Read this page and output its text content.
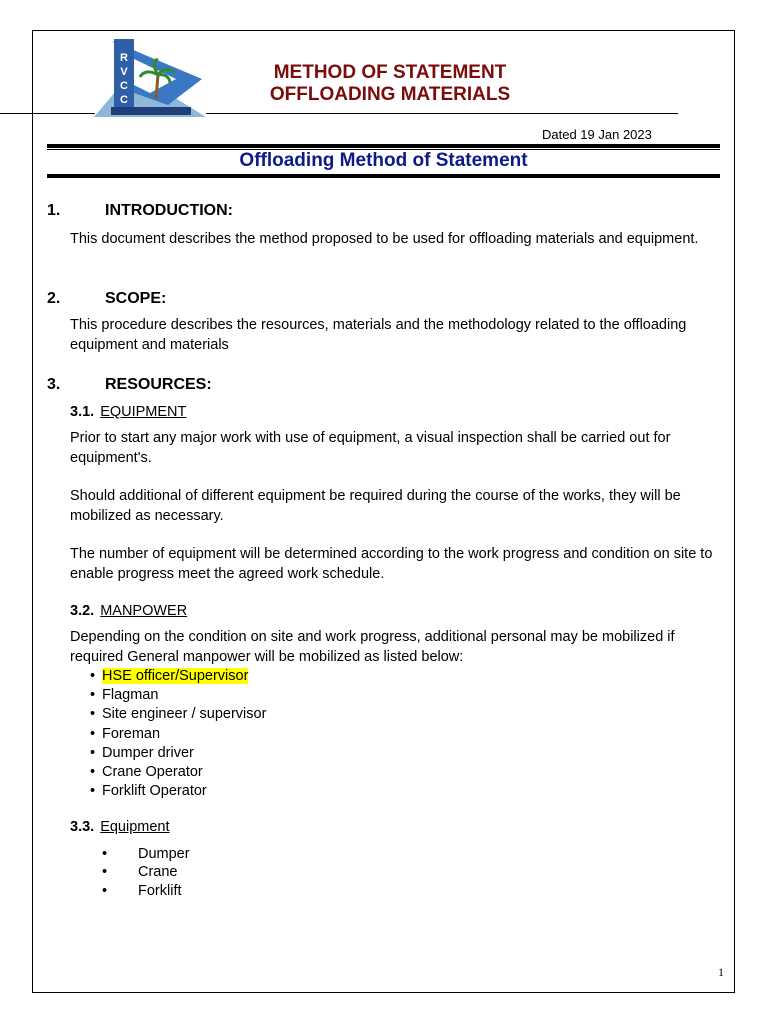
R
V
C
C
METHOD OF STATEMENT
OFFLOADING MATERIALS
Dated 19 Jan 2023
Offloading Method of Statement
1.	INTRODUCTION:
This document describes the method proposed to be used for offloading materials and equipment.
2.	SCOPE:
This procedure describes the resources, materials and the methodology related to the offloading equipment and materials
3.	RESOURCES:
3.1. EQUIPMENT
Prior to start any major work with use of equipment, a visual inspection shall be carried out for equipment's.
Should additional of different equipment be required during the course of the works, they will be mobilized as necessary.
The number of equipment will be determined according to the work progress and condition on site to enable progress meet the agreed work schedule.
3.2. MANPOWER
Depending on the condition on site and work progress, additional personal may be mobilized if required General manpower will be mobilized as listed below:
• HSE officer/Supervisor
• Flagman
• Site engineer / supervisor
• Foreman
• Dumper driver
• Crane Operator
• Forklift Operator
3.3. Equipment
• Dumper
• Crane
• Forklift
1
